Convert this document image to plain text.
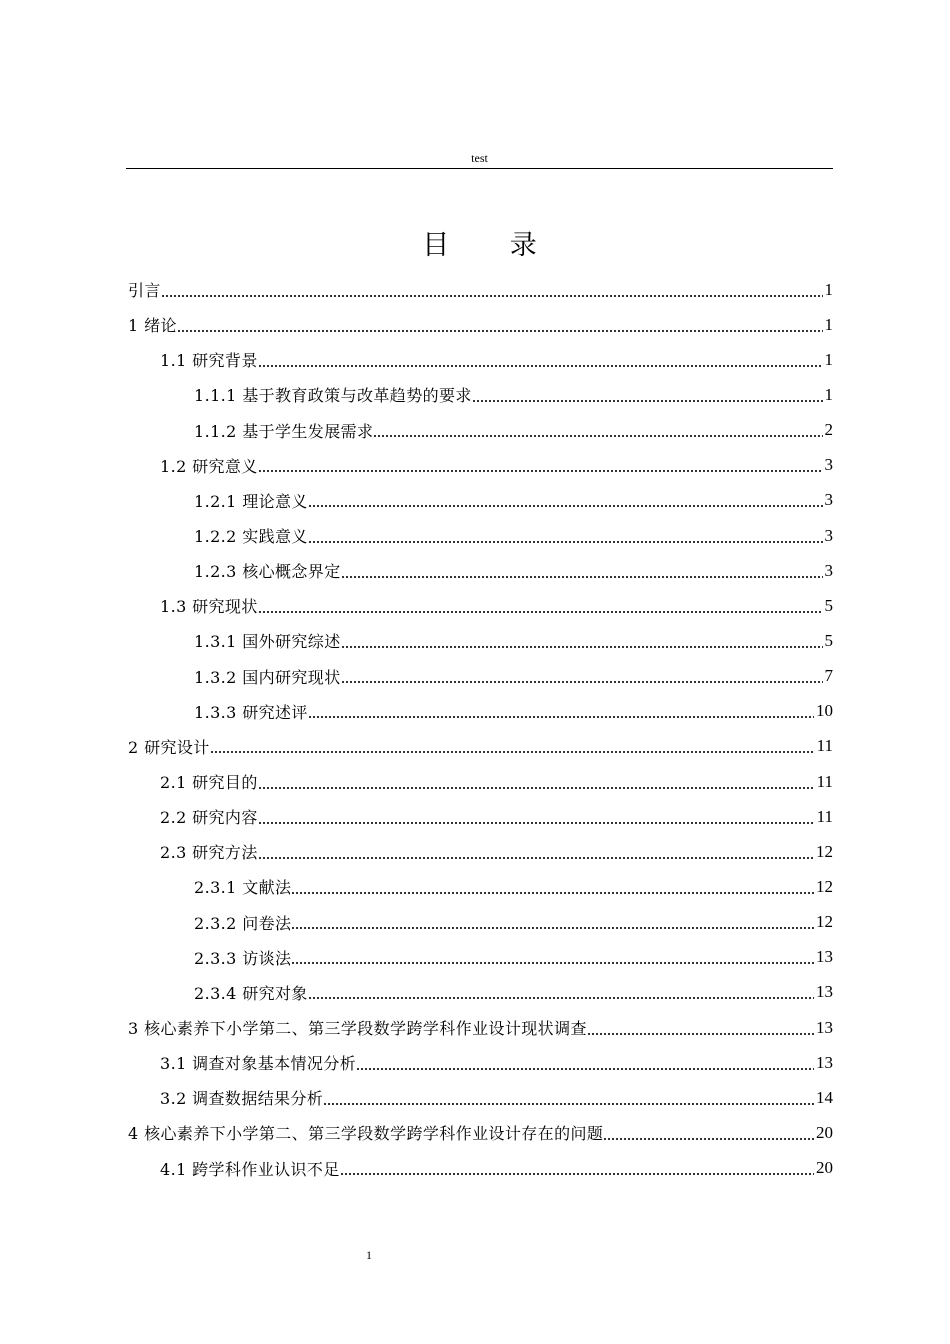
test
目 录
引言	1
1 绪论	1
1.1 研究背景	1
1.1.1 基于教育政策与改革趋势的要求	1
1.1.2 基于学生发展需求	2
1.2 研究意义	3
1.2.1 理论意义	3
1.2.2 实践意义	3
1.2.3 核心概念界定	3
1.3 研究现状	5
1.3.1 国外研究综述	5
1.3.2 国内研究现状	7
1.3.3 研究述评	10
2 研究设计	11
2.1 研究目的	11
2.2 研究内容	11
2.3 研究方法	12
2.3.1 文献法	12
2.3.2 问卷法	12
2.3.3 访谈法	13
2.3.4 研究对象	13
3 核心素养下小学第二、第三学段数学跨学科作业设计现状调查	13
3.1 调查对象基本情况分析	13
3.2 调查数据结果分析	14
4 核心素养下小学第二、第三学段数学跨学科作业设计存在的问题	20
4.1 跨学科作业认识不足	20
1
